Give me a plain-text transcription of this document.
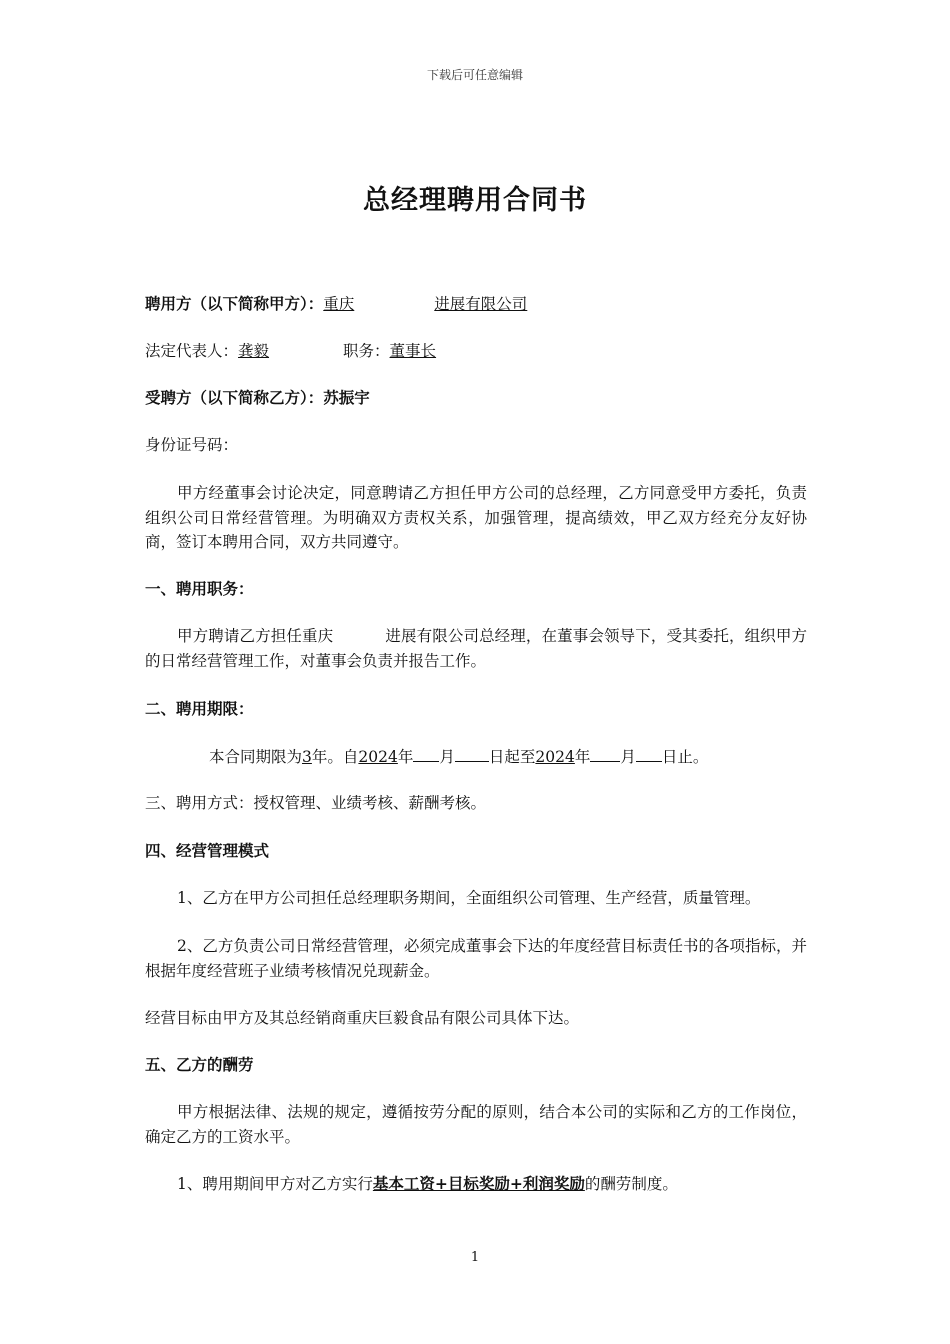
下载后可任意编辑
总经理聘用合同书
聘用方（以下简称甲方）：重庆	进展有限公司
法定代表人：龚毅	职务：董事长
受聘方（以下简称乙方）：苏振宇
身份证号码：
甲方经董事会讨论决定，同意聘请乙方担任甲方公司的总经理，乙方同意受甲方委托，负责组织公司日常经营管理。为明确双方责权关系，加强管理，提高绩效，甲乙双方经充分友好协商，签订本聘用合同，双方共同遵守。
一、聘用职务：
甲方聘请乙方担任重庆	进展有限公司总经理，在董事会领导下，受其委托，组织甲方的日常经营管理工作，对董事会负责并报告工作。
二、聘用期限：
本合同期限为3年。自2024年 月 日起至2024年 月 日止。
三、聘用方式：授权管理、业绩考核、薪酬考核。
四、经营管理模式
1、乙方在甲方公司担任总经理职务期间，全面组织公司管理、生产经营，质量管理。
2、乙方负责公司日常经营管理，必须完成董事会下达的年度经营目标责任书的各项指标，并根据年度经营班子业绩考核情况兑现薪金。
经营目标由甲方及其总经销商重庆巨毅食品有限公司具体下达。
五、乙方的酬劳
甲方根据法律、法规的规定，遵循按劳分配的原则，结合本公司的实际和乙方的工作岗位，确定乙方的工资水平。
1、聘用期间甲方对乙方实行基本工资+目标奖励+利润奖励的酬劳制度。
1
